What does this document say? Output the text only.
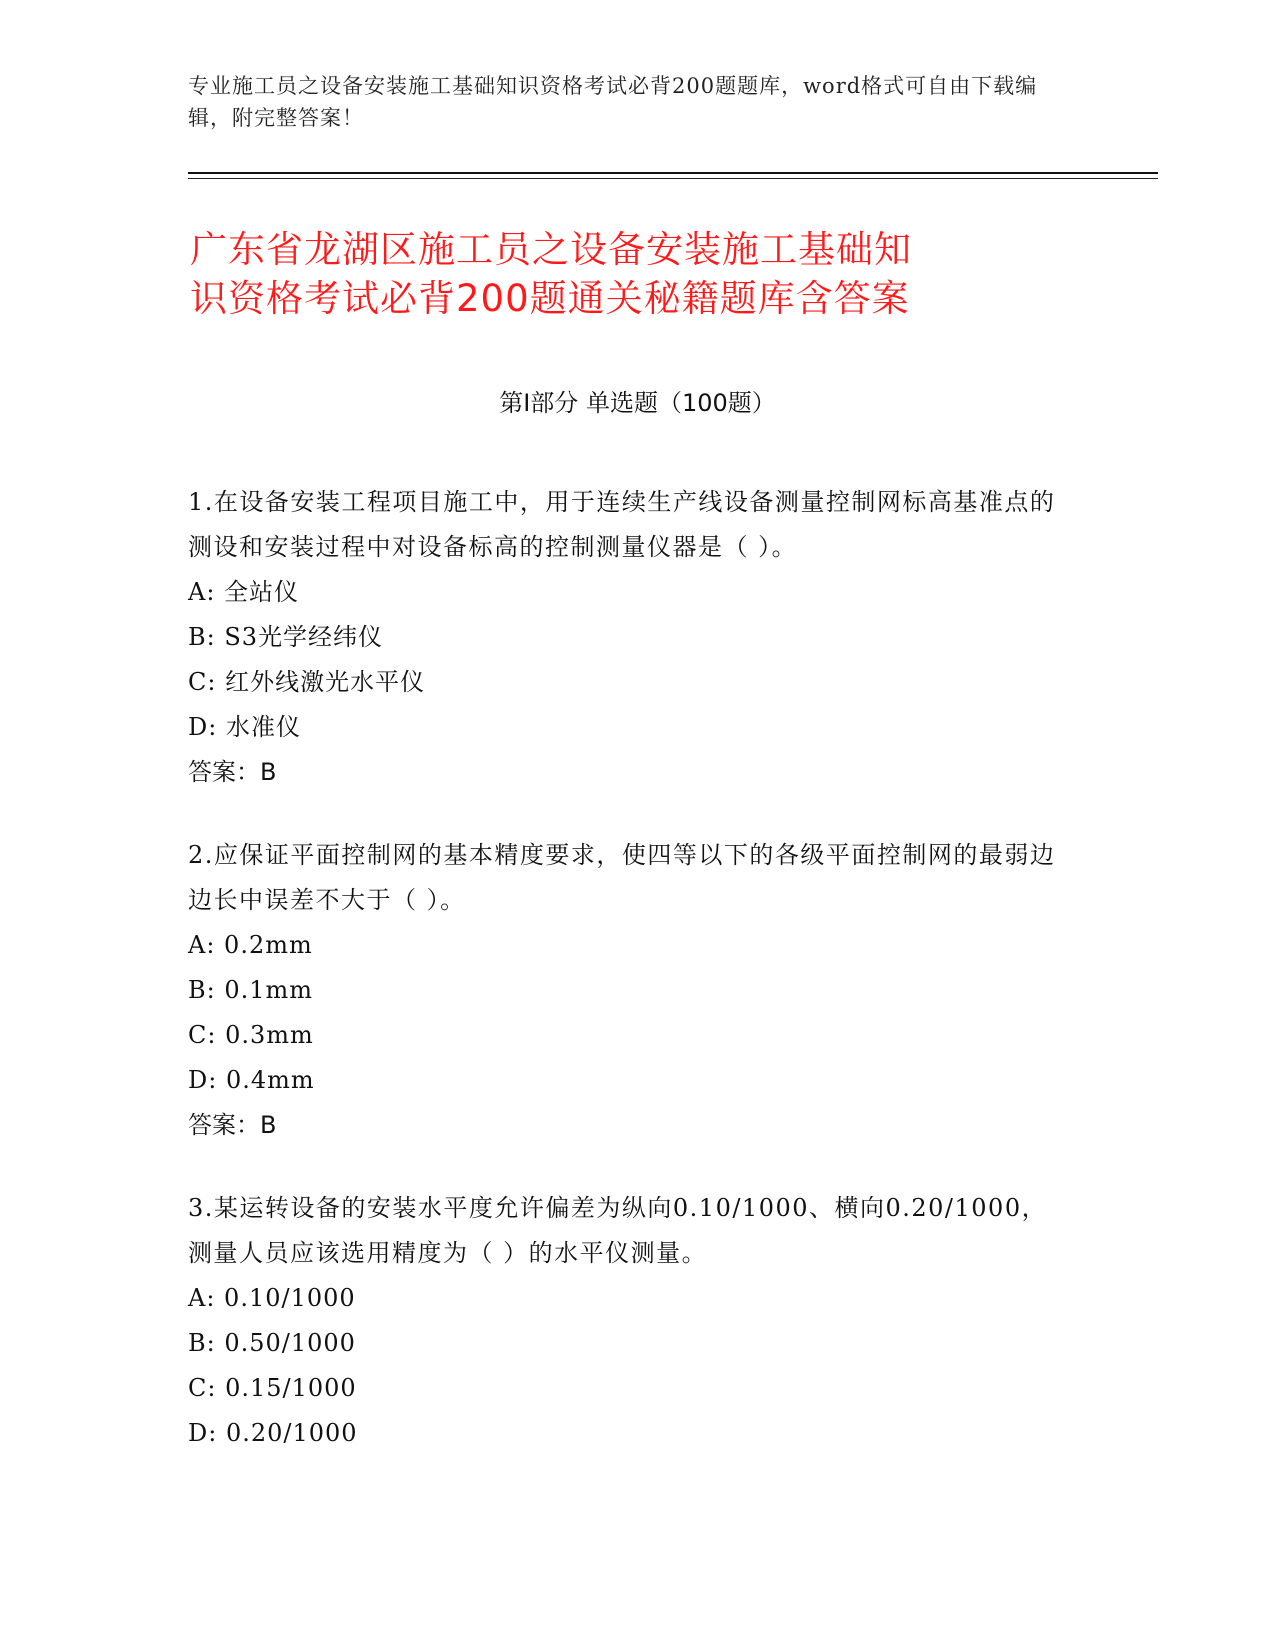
专业施工员之设备安装施工基础知识资格考试必背200题题库，word格式可自由下载编辑，附完整答案！
广东省龙湖区施工员之设备安装施工基础知
识资格考试必背200题通关秘籍题库含答案
第Ⅰ部分 单选题（100题）
1.在设备安装工程项目施工中，用于连续生产线设备测量控制网标高基准点的测设和安装过程中对设备标高的控制测量仪器是（ ）。
A: 全站仪
B: S3光学经纬仪
C: 红外线激光水平仪
D: 水准仪
答案：B
2.应保证平面控制网的基本精度要求，使四等以下的各级平面控制网的最弱边边长中误差不大于（ ）。
A: 0.2mm
B: 0.1mm
C: 0.3mm
D: 0.4mm
答案：B
3.某运转设备的安装水平度允许偏差为纵向0.10/1000、横向0.20/1000，测量人员应该选用精度为（ ）的水平仪测量。
A: 0.10/1000
B: 0.50/1000
C: 0.15/1000
D: 0.20/1000
